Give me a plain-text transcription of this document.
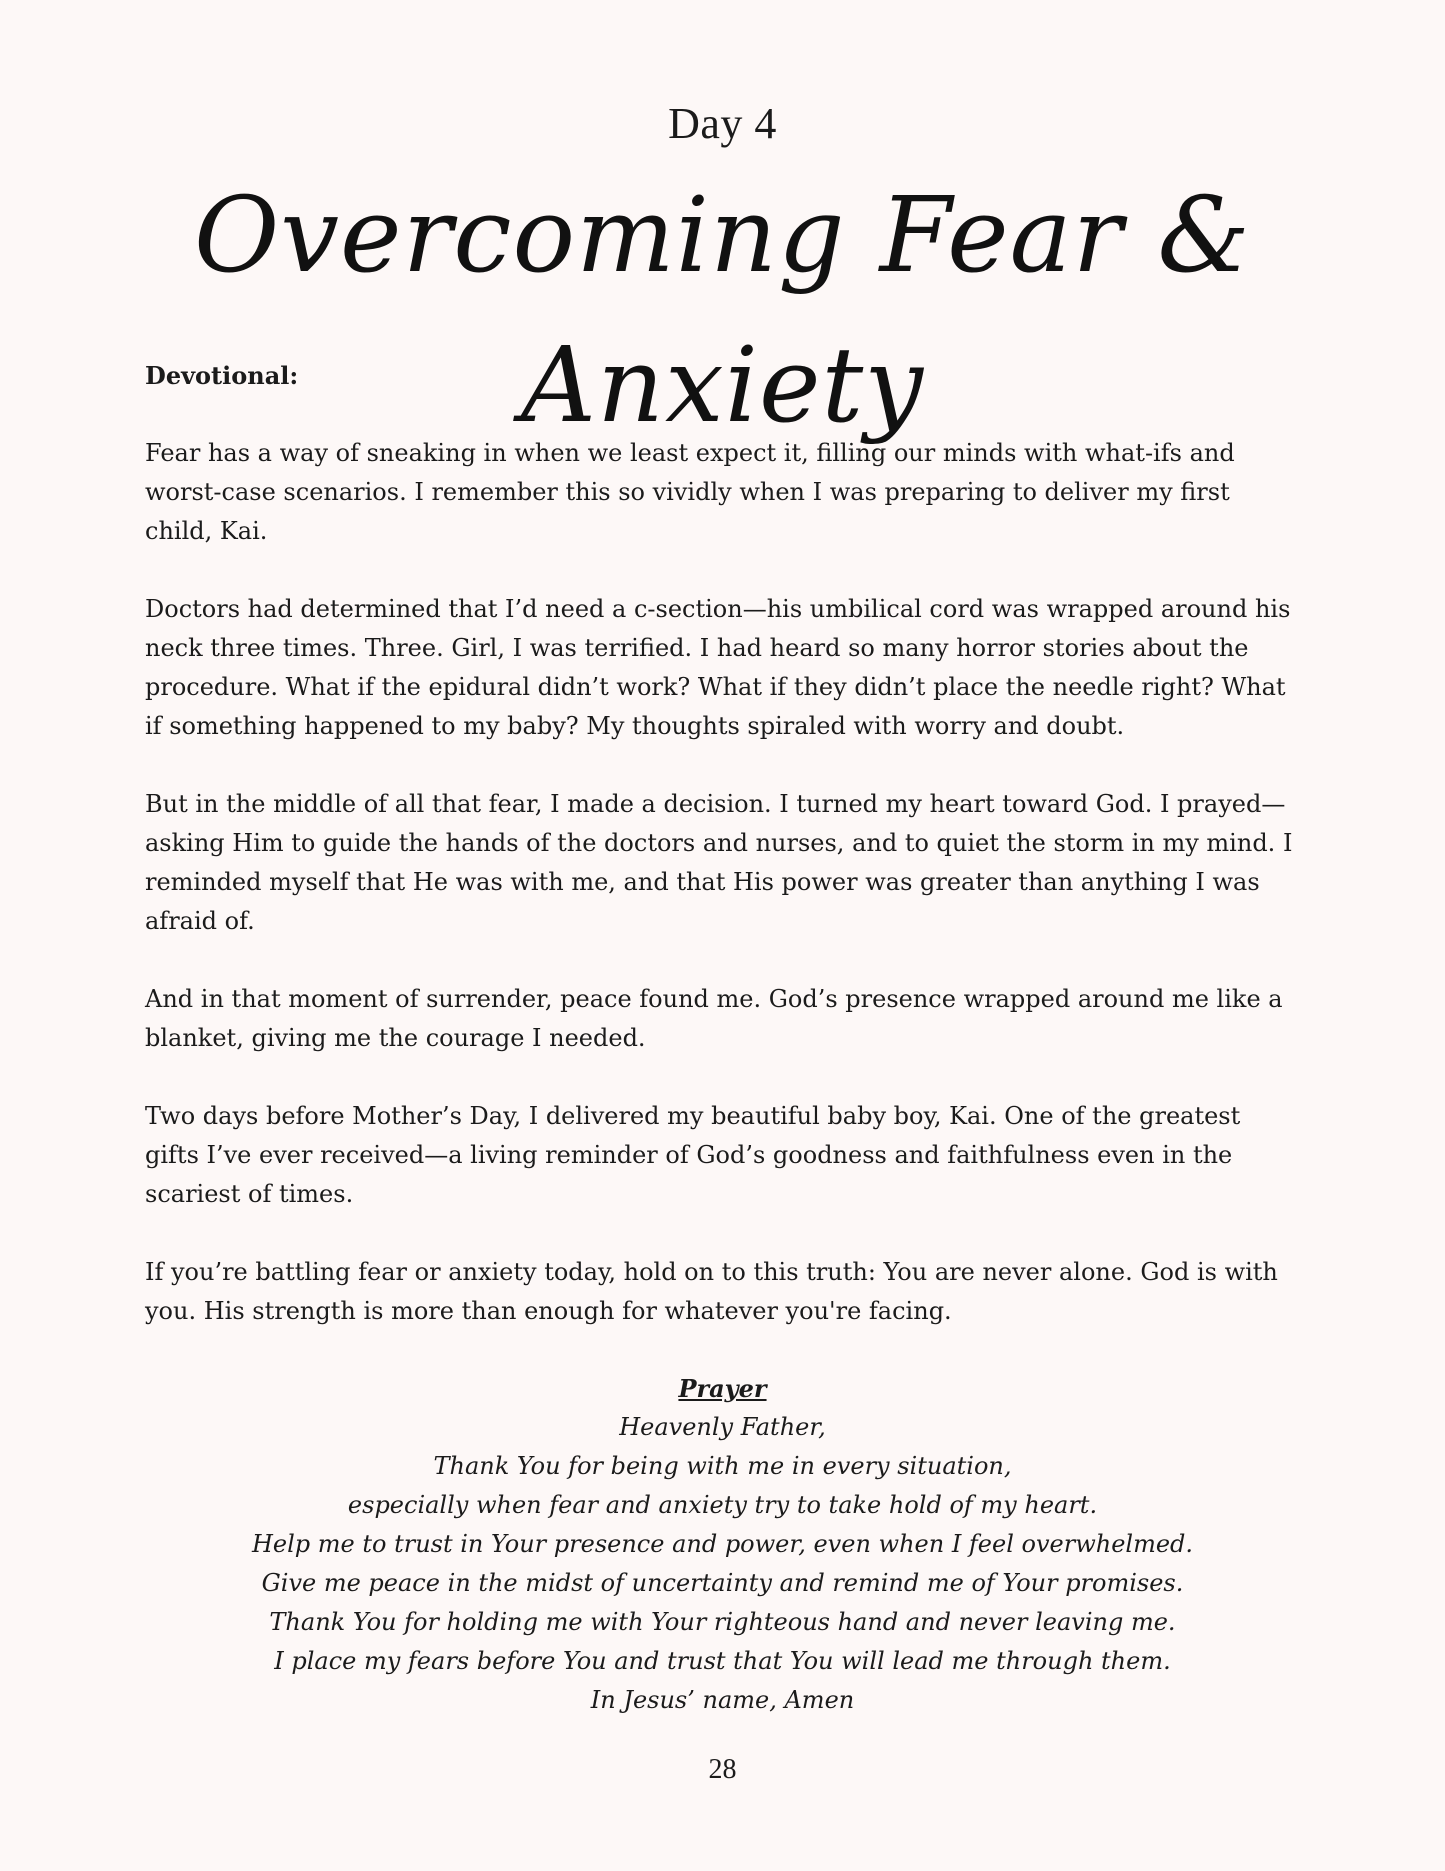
Day 4
Overcoming Fear & Anxiety

Devotional:

Fear has a way of sneaking in when we least expect it, filling our minds with what-ifs and worst-case scenarios. I remember this so vividly when I was preparing to deliver my first child, Kai.

Doctors had determined that I’d need a c-section—his umbilical cord was wrapped around his neck three times. Three. Girl, I was terrified. I had heard so many horror stories about the procedure. What if the epidural didn’t work? What if they didn’t place the needle right? What if something happened to my baby? My thoughts spiraled with worry and doubt.

But in the middle of all that fear, I made a decision. I turned my heart toward God. I prayed—asking Him to guide the hands of the doctors and nurses, and to quiet the storm in my mind. I reminded myself that He was with me, and that His power was greater than anything I was afraid of.

And in that moment of surrender, peace found me. God’s presence wrapped around me like a blanket, giving me the courage I needed.

Two days before Mother’s Day, I delivered my beautiful baby boy, Kai. One of the greatest gifts I’ve ever received—a living reminder of God’s goodness and faithfulness even in the scariest of times.

If you’re battling fear or anxiety today, hold on to this truth: You are never alone. God is with you. His strength is more than enough for whatever you're facing.

Prayer
Heavenly Father,
Thank You for being with me in every situation,
especially when fear and anxiety try to take hold of my heart.
Help me to trust in Your presence and power, even when I feel overwhelmed.
Give me peace in the midst of uncertainty and remind me of Your promises.
Thank You for holding me with Your righteous hand and never leaving me.
I place my fears before You and trust that You will lead me through them.
In Jesus’ name, Amen
28
